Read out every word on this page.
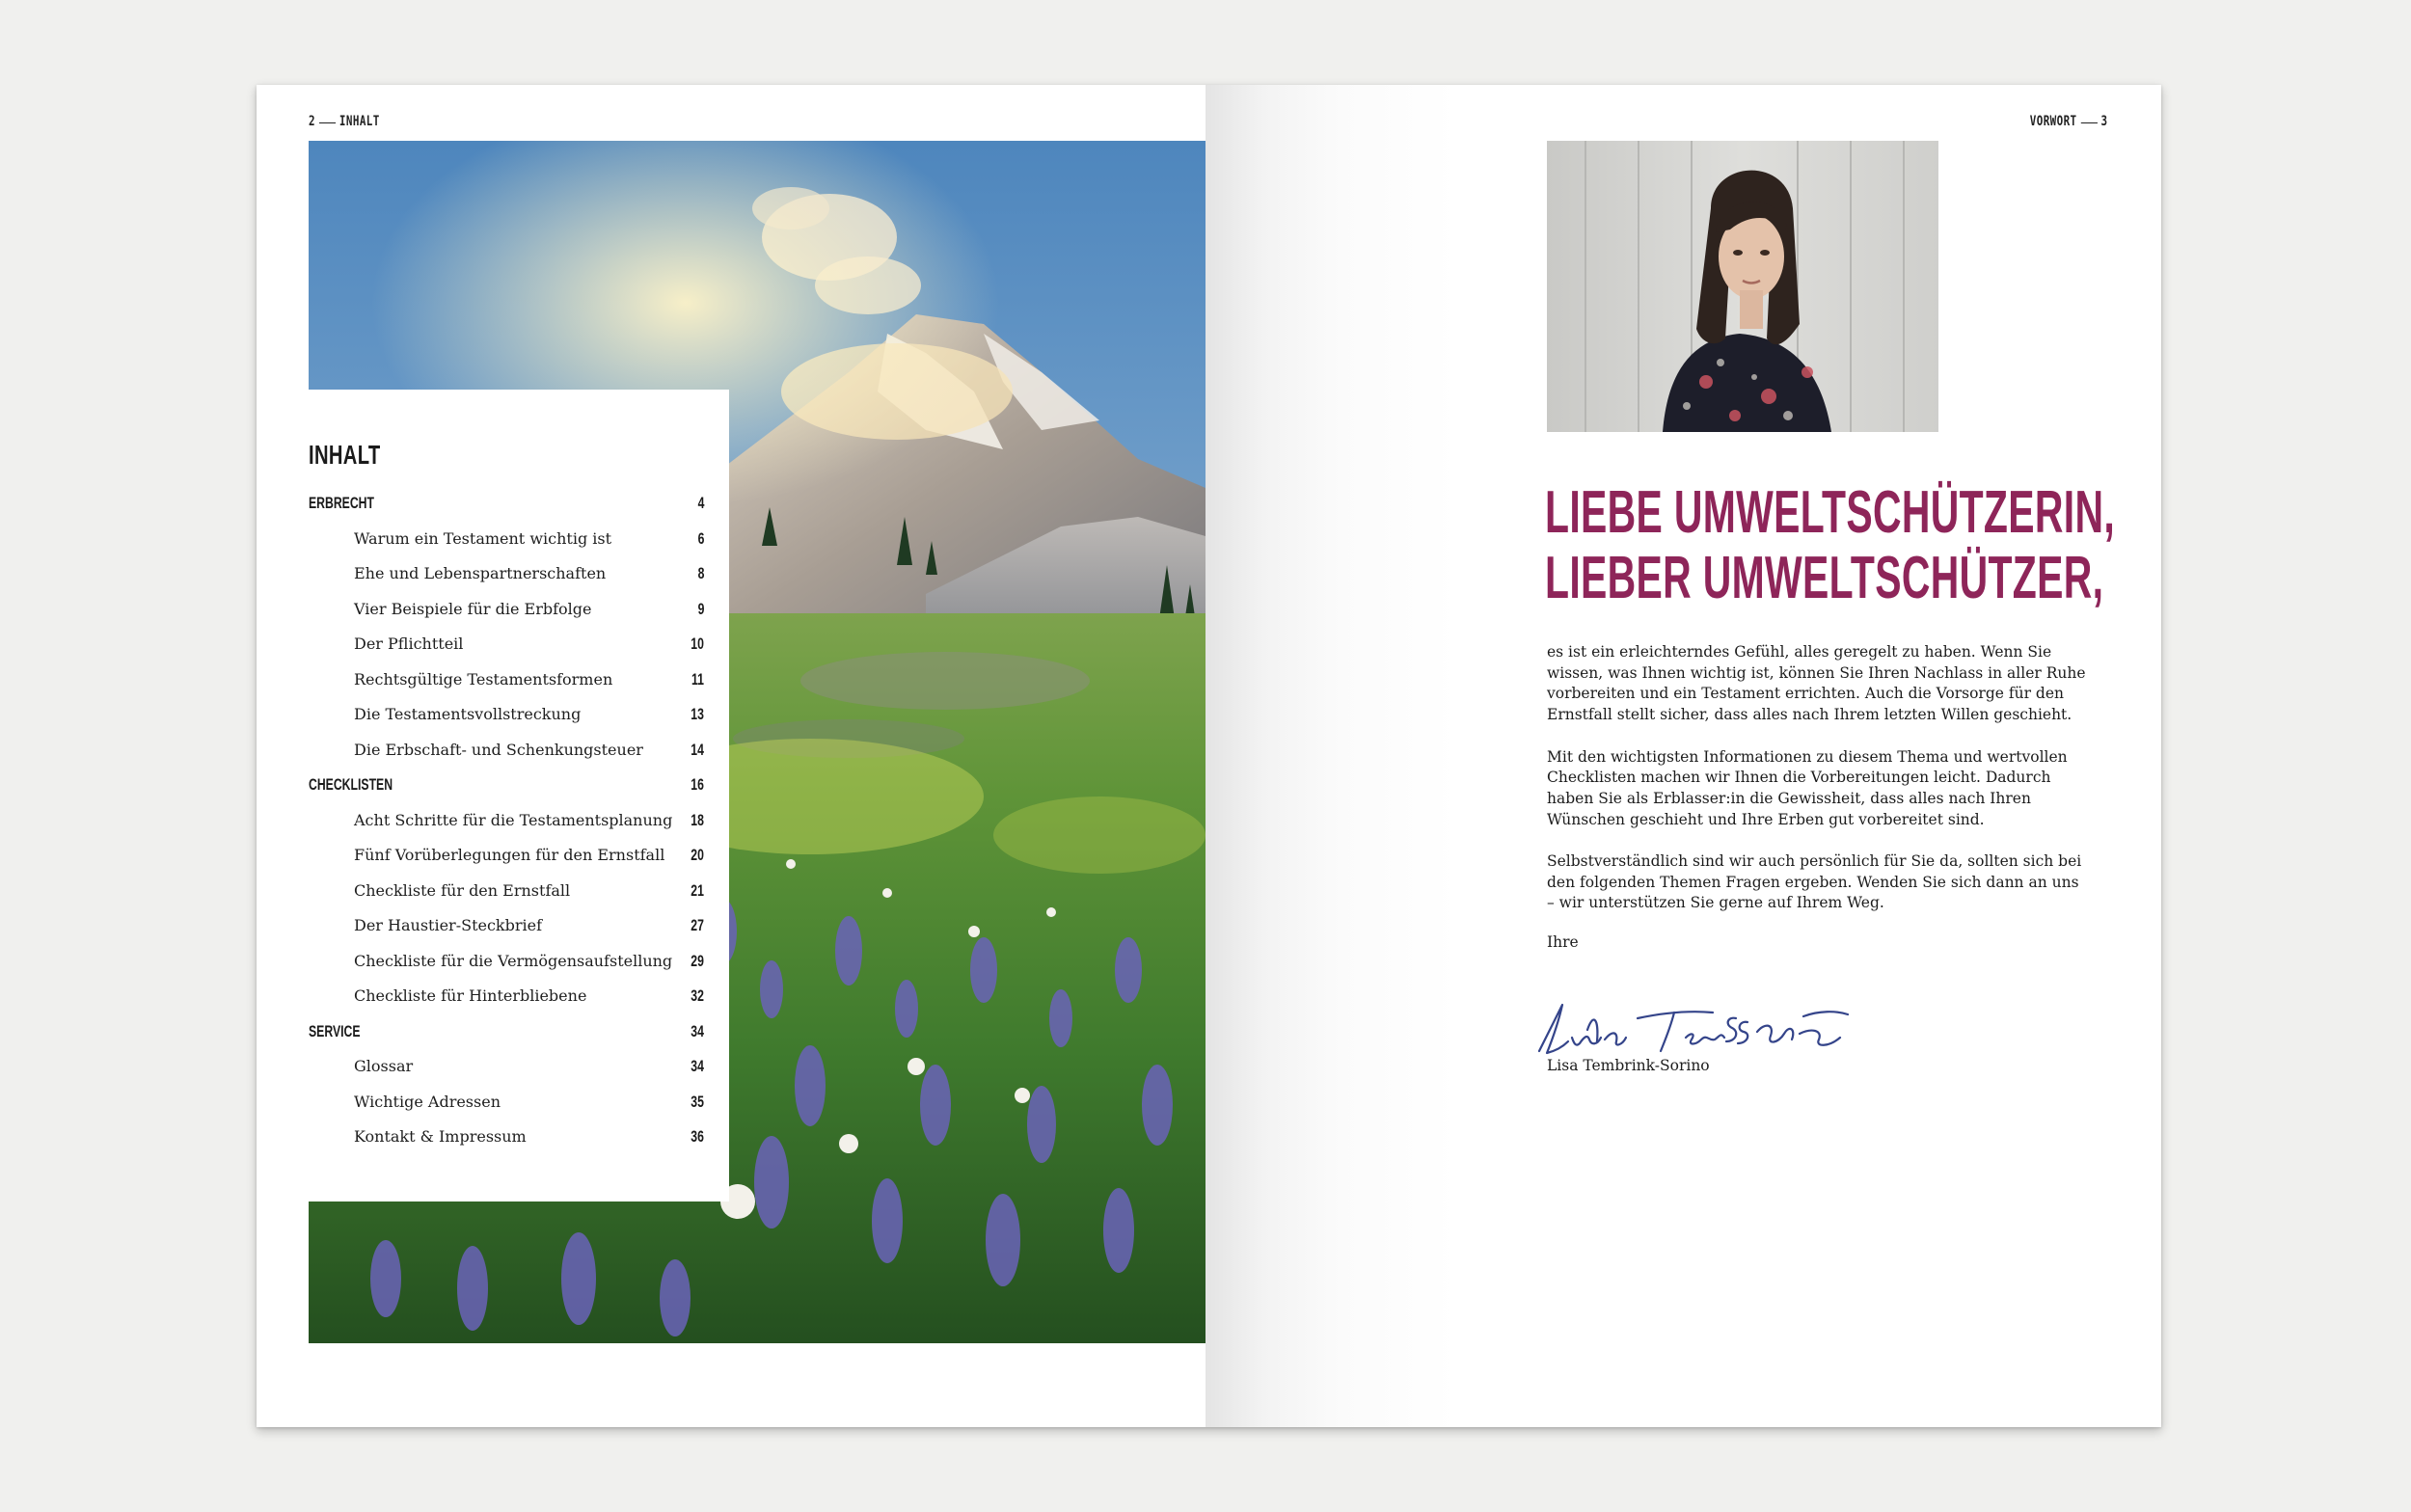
2 INHALT
INHALT
ERBRECHT	4
Warum ein Testament wichtig ist	6
Ehe und Lebenspartnerschaften	8
Vier Beispiele für die Erbfolge	9
Der Pflichtteil	10
Rechtsgültige Testamentsformen	11
Die Testamentsvollstreckung	13
Die Erbschaft- und Schenkungsteuer	14
CHECKLISTEN	16
Acht Schritte für die Testamentsplanung 18
Fünf Vorüberlegungen für den Ernstfall 20
Checkliste für den Ernstfall	21
Der Haustier-Steckbrief	27
Checkliste für die Vermögensaufstellung 29
Checkliste für Hinterbliebene	32
SERVICE	34
Glossar	34
Wichtige Adressen	35
Kontakt & Impressum	36
VORWORT 3
LIEBE UMWELTSCHÜTZERIN,
LIEBER UMWELTSCHÜTZER,

es ist ein erleichterndes Gefühl, alles geregelt zu haben. Wenn Sie wissen, was Ihnen wichtig ist, können Sie Ihren Nachlass in aller Ruhe vorbereiten und ein Testament errichten. Auch die Vorsorge für den Ernstfall stellt sicher, dass alles nach Ihrem letzten Willen geschieht.

Mit den wichtigsten Informationen zu diesem Thema und wertvollen Checklisten machen wir Ihnen die Vorbereitungen leicht. Dadurch haben Sie als Erblasser:in die Gewissheit, dass alles nach Ihren Wünschen geschieht und Ihre Erben gut vorbereitet sind.

Selbstverständlich sind wir auch persönlich für Sie da, sollten sich bei den folgenden Themen Fragen ergeben. Wenden Sie sich dann an uns – wir unterstützen Sie gerne auf Ihrem Weg.

Ihre
Lisa Tembrink-Sorino
